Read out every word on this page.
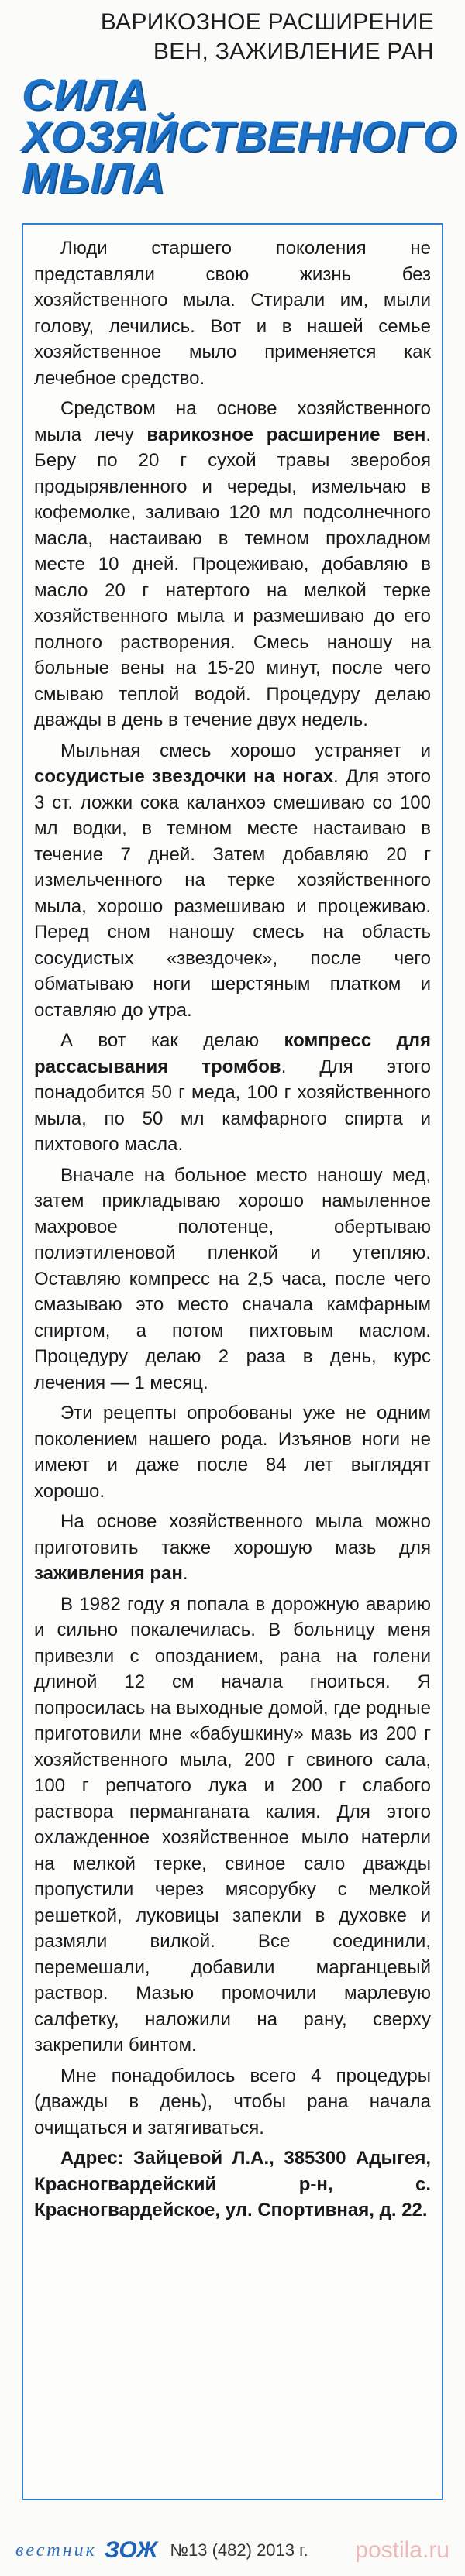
ВАРИКОЗНОЕ РАСШИРЕНИЕ
ВЕН, ЗАЖИВЛЕНИЕ РАН
СИЛА
ХОЗЯЙСТВЕННОГО
МЫЛА

Люди старшего поколения не представляли свою жизнь без хозяйственного мыла. Стирали им, мыли голову, лечились. Вот и в нашей семье хозяйственное мыло применяется как лечебное средство.

Средством на основе хозяйственного мыла лечу варикозное расширение вен. Беру по 20 г сухой травы зверобоя продырявленного и череды, измельчаю в кофемолке, заливаю 120 мл подсолнечного масла, настаиваю в темном прохладном месте 10 дней. Процеживаю, добавляю в масло 20 г натертого на мелкой терке хозяйственного мыла и размешиваю до его полного растворения. Смесь наношу на больные вены на 15-20 минут, после чего смываю теплой водой. Процедуру делаю дважды в день в течение двух недель.

Мыльная смесь хорошо устраняет и сосудистые звездочки на ногах. Для этого 3 ст. ложки сока каланхоэ смешиваю со 100 мл водки, в темном месте настаиваю в течение 7 дней. Затем добавляю 20 г измельченного на терке хозяйственного мыла, хорошо размешиваю и процеживаю. Перед сном наношу смесь на область сосудистых «звездочек», после чего обматываю ноги шерстяным платком и оставляю до утра.

А вот как делаю компресс для рассасывания тромбов. Для этого понадобится 50 г меда, 100 г хозяйственного мыла, по 50 мл камфарного спирта и пихтового масла.

Вначале на больное место наношу мед, затем прикладываю хорошо намыленное махровое полотенце, обертываю полиэтиленовой пленкой и утепляю. Оставляю компресс на 2,5 часа, после чего смазываю это место сначала камфарным спиртом, а потом пихтовым маслом. Процедуру делаю 2 раза в день, курс лечения — 1 месяц.

Эти рецепты опробованы уже не одним поколением нашего рода. Изъянов ноги не имеют и даже после 84 лет выглядят хорошо.

На основе хозяйственного мыла можно приготовить также хорошую мазь для заживления ран.

В 1982 году я попала в дорожную аварию и сильно покалечилась. В больницу меня привезли с опозданием, рана на голени длиной 12 см начала гноиться. Я попросилась на выходные домой, где родные приготовили мне «бабушкину» мазь из 200 г хозяйственного мыла, 200 г свиного сала, 100 г репчатого лука и 200 г слабого раствора перманганата калия. Для этого охлажденное хозяйственное мыло натерли на мелкой терке, свиное сало дважды пропустили через мясорубку с мелкой решеткой, луковицы запекли в духовке и размяли вилкой. Все соединили, перемешали, добавили марганцевый раствор. Мазью промочили марлевую салфетку, наложили на рану, сверху закрепили бинтом.

Мне понадобилось всего 4 процедуры (дважды в день), чтобы рана начала очищаться и затягиваться.

Адрес: Зайцевой Л.А., 385300 Адыгея, Красногвардейский р-н, с. Красногвардейское, ул. Спортивная, д. 22.
вестник ЗОЖ №13 (482) 2013 г. postila.ru
